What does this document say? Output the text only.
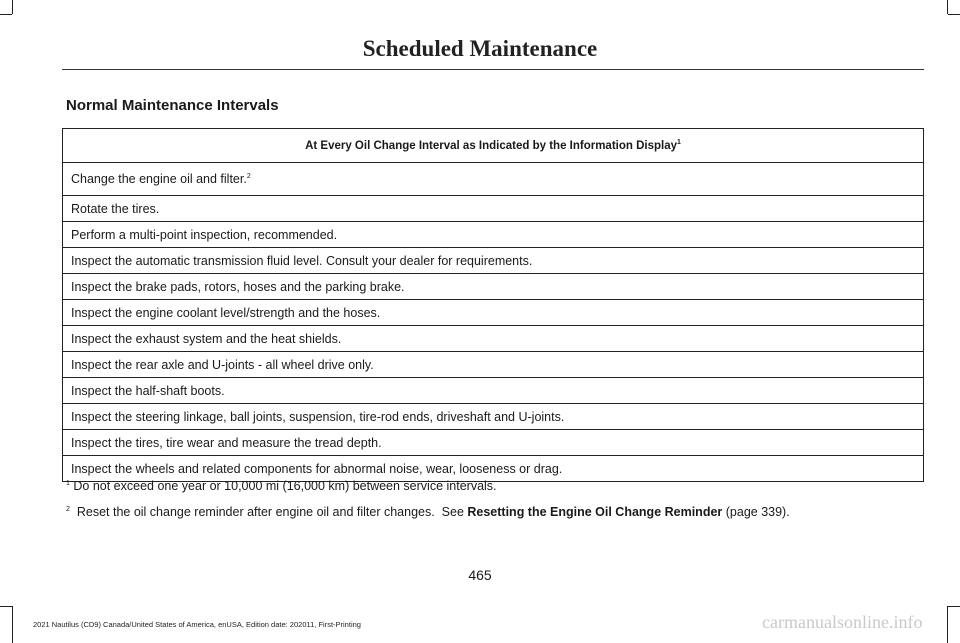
Scheduled Maintenance
Normal Maintenance Intervals
At Every Oil Change Interval as Indicated by the Information Display$^1$
Change the engine oil and filter.$^2$
Rotate the tires.
Perform a multi-point inspection, recommended.
Inspect the automatic transmission fluid level. Consult your dealer for requirements.
Inspect the brake pads, rotors, hoses and the parking brake.
Inspect the engine coolant level/strength and the hoses.
Inspect the exhaust system and the heat shields.
Inspect the rear axle and U-joints - all wheel drive only.
Inspect the half-shaft boots.
Inspect the steering linkage, ball joints, suspension, tire-rod ends, driveshaft and U-joints.
Inspect the tires, tire wear and measure the tread depth.
Inspect the wheels and related components for abnormal noise, wear, looseness or drag.
$^1$ Do not exceed one year or 10,000 mi (16,000 km) between service intervals.
$^2$  Reset the oil change reminder after engine oil and filter changes.  See Resetting the Engine Oil Change Reminder (page 339).
465
2021 Nautilus (CD9) Canada/United States of America, enUSA, Edition date: 202011, First-Printing	carmanualsonline.info
